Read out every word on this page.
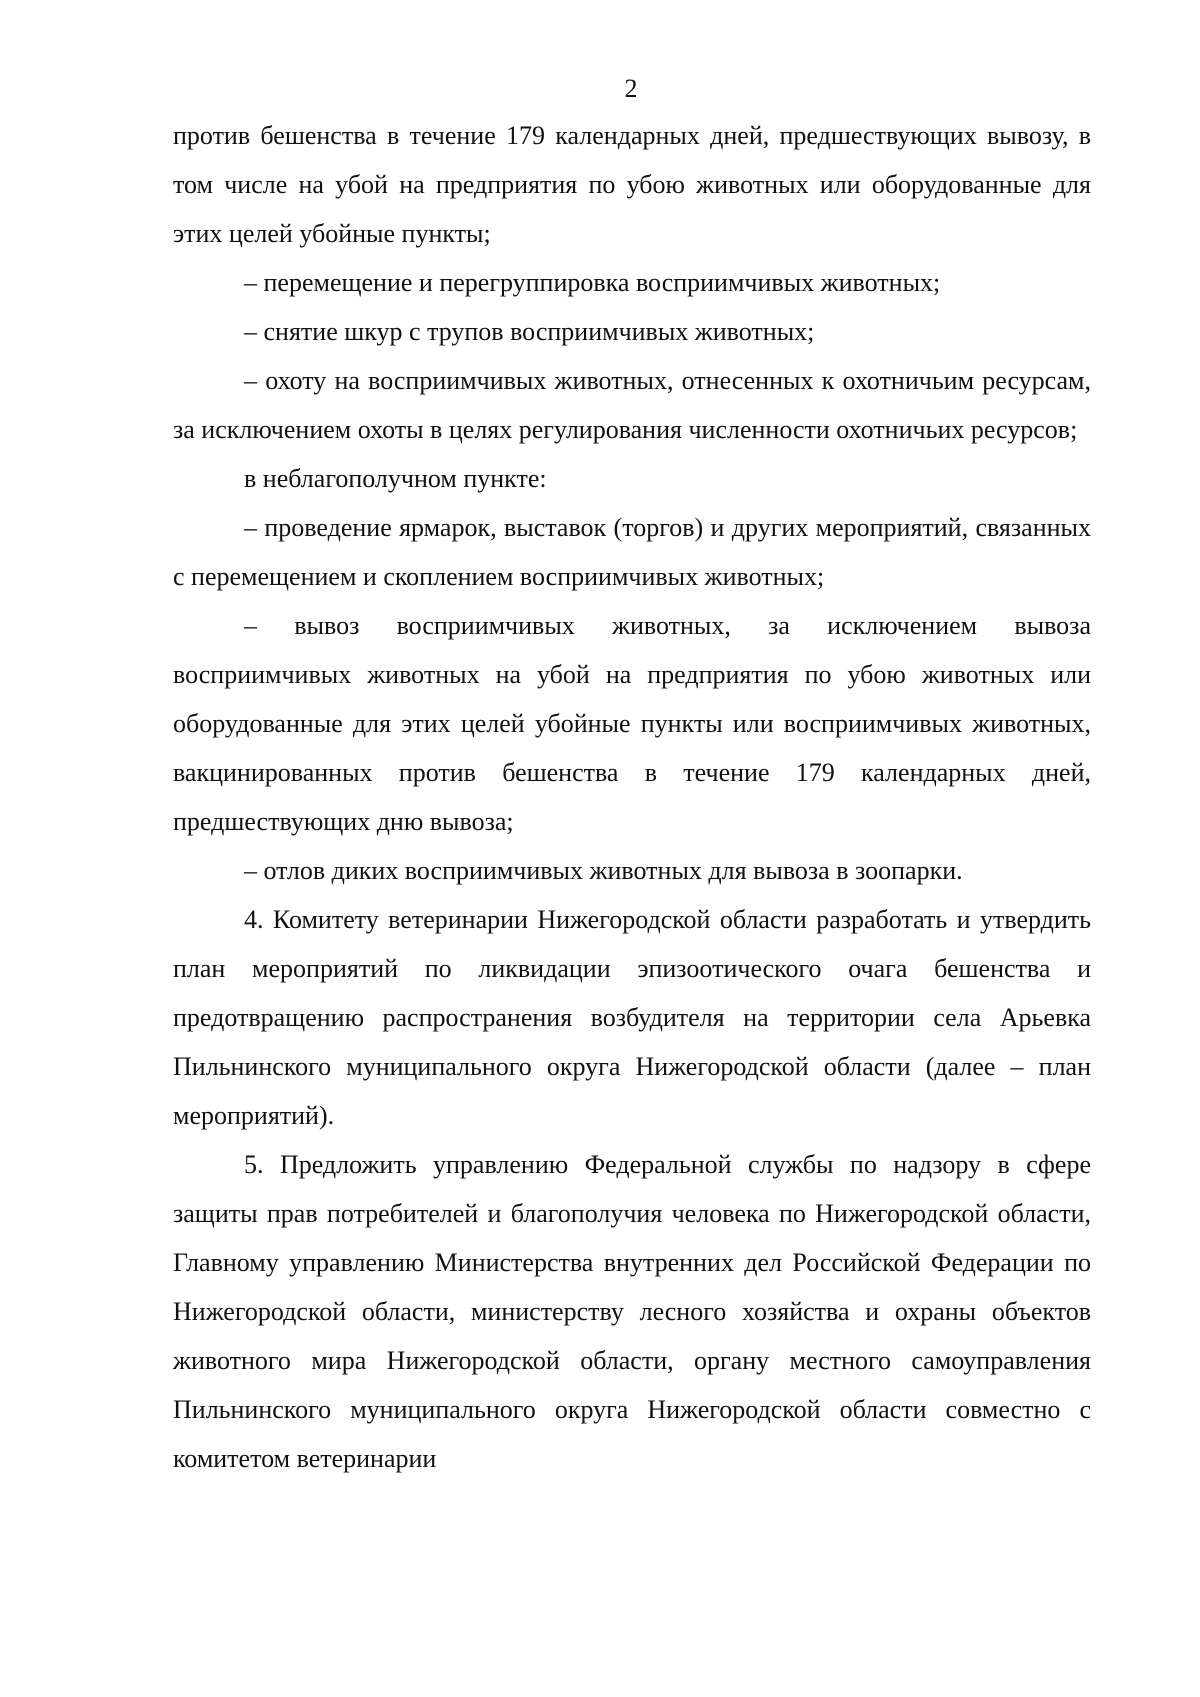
2

против бешенства в течение 179 календарных дней, предшествующих вывозу, в том числе на убой на предприятия по убою животных или оборудованные для этих целей убойные пункты;

– перемещение и перегруппировка восприимчивых животных;

– снятие шкур с трупов восприимчивых животных;

– охоту на восприимчивых животных, отнесенных к охотничьим ресурсам, за исключением охоты в целях регулирования численности охотничьих ресурсов;

в неблагополучном пункте:

– проведение ярмарок, выставок (торгов) и других мероприятий, связанных с перемещением и скоплением восприимчивых животных;

– вывоз восприимчивых животных, за исключением вывоза восприимчивых животных на убой на предприятия по убою животных или оборудованные для этих целей убойные пункты или восприимчивых животных, вакцинированных против бешенства в течение 179 календарных дней, предшествующих дню вывоза;

– отлов диких восприимчивых животных для вывоза в зоопарки.

4. Комитету ветеринарии Нижегородской области разработать и утвердить план мероприятий по ликвидации эпизоотического очага бешенства и предотвращению распространения возбудителя на территории села Арьевка Пильнинского муниципального округа Нижегородской области (далее – план мероприятий).

5. Предложить управлению Федеральной службы по надзору в сфере защиты прав потребителей и благополучия человека по Нижегородской области, Главному управлению Министерства внутренних дел Российской Федерации по Нижегородской области, министерству лесного хозяйства и охраны объектов животного мира Нижегородской области, органу местного самоуправления Пильнинского муниципального округа Нижегородской области совместно с комитетом ветеринарии
